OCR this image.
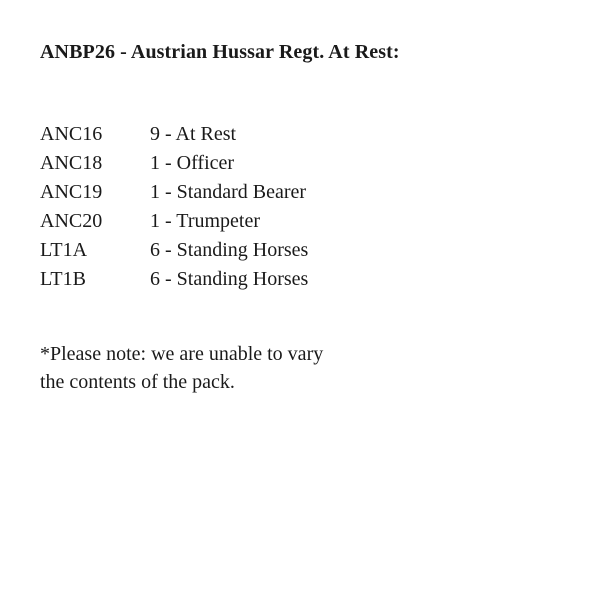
ANBP26 - Austrian Hussar Regt. At Rest:
ANC16	9 - At Rest
ANC18	1 - Officer
ANC19	1 - Standard Bearer
ANC20	1 - Trumpeter
LT1A	6 - Standing Horses
LT1B	6 - Standing Horses
*Please note: we are unable to vary
the contents of the pack.
